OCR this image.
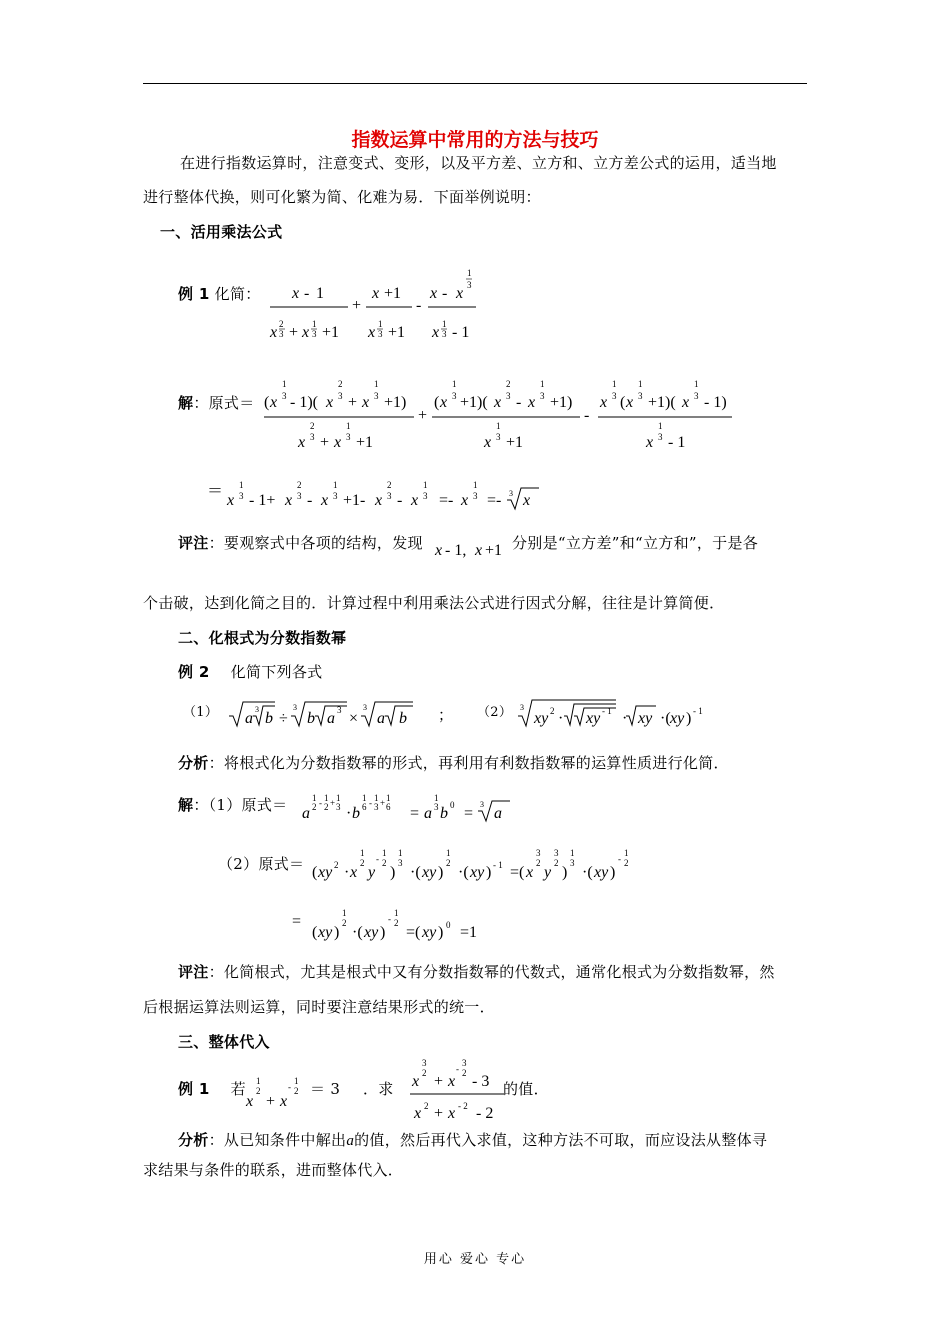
指数运算中常用的方法与技巧
在进行指数运算时，注意变式、变形，以及平方差、立方和、立方差公式的运用，适当地
进行整体代换，则可化繁为简、化难为易．下面举例说明：
一、活用乘法公式
例 1 化简： x - 1
x 2
3 + x 1
3 +1
+
x +1
x 1
3 +1
-
x - x
1
3
x 1
3 - 1
解：原式＝ ( x
1
3 - 1)( x
2
3 + x
1
3 +1)
x
2
3 + x
1
3 +1
+
( x
1
3 +1)( x
2
3 - x
1
3 +1)
x
1
3 +1
-
x
1
3 ( x
1
3 +1)( x
1
3 - 1)
x
1
3 - 1
＝
x
1
3 - 1+ x
2
3 - x
1
3 +1- x
2
3 - x
1
3 =- x
1
3 =- 3 x
评注：要观察式中各项的结构，发现 x - 1, x +1 分别是“立方差”和“立方和”，于是各
个击破，达到化简之目的．计算过程中利用乘法公式进行因式分解，往往是计算简便．
二、化根式为分数指数幂
例 2 化简下列各式
（1） a
3
b ÷
3
b a 3 ×
3
a b ； （2） 3
xy 2 · xy - 1 · xy ·( xy ) - 1
分析：将根式化为分数指数幂的形式，再利用有利数指数幂的运算性质进行化简．
解：（1）原式＝ a
1
2 - 1
2 + 1
3 · b
1
6 - 1
3 + 1
6 = a
1
3 b 0 =
3
a
（2）原式＝ ( xy 2 · x
1
2
y
-
1
2
)
1
3
·( xy )
1
2
·( xy ) - 1 =( x
3
2
y
3
2
)
1
3
·( xy )
-
1
2
=
( xy )
1
2
·( xy )
-
1
2
=( xy ) 0 =1
评注：化简根式，尤其是根式中又有分数指数幂的代数式，通常化根式为分数指数幂，然
后根据运算法则运算，同时要注意结果形式的统一．
三、整体代入
例 1 若
x
1
2
+ x
-
1
2 ＝ 3 ．求 x
3
2 + x
-
3
2 - 3
x 2 + x - 2 - 2
的值．
分析：从已知条件中解出a的值，然后再代入求值，这种方法不可取，而应设法从整体寻
求结果与条件的联系，进而整体代入．
用心 爱心 专心
